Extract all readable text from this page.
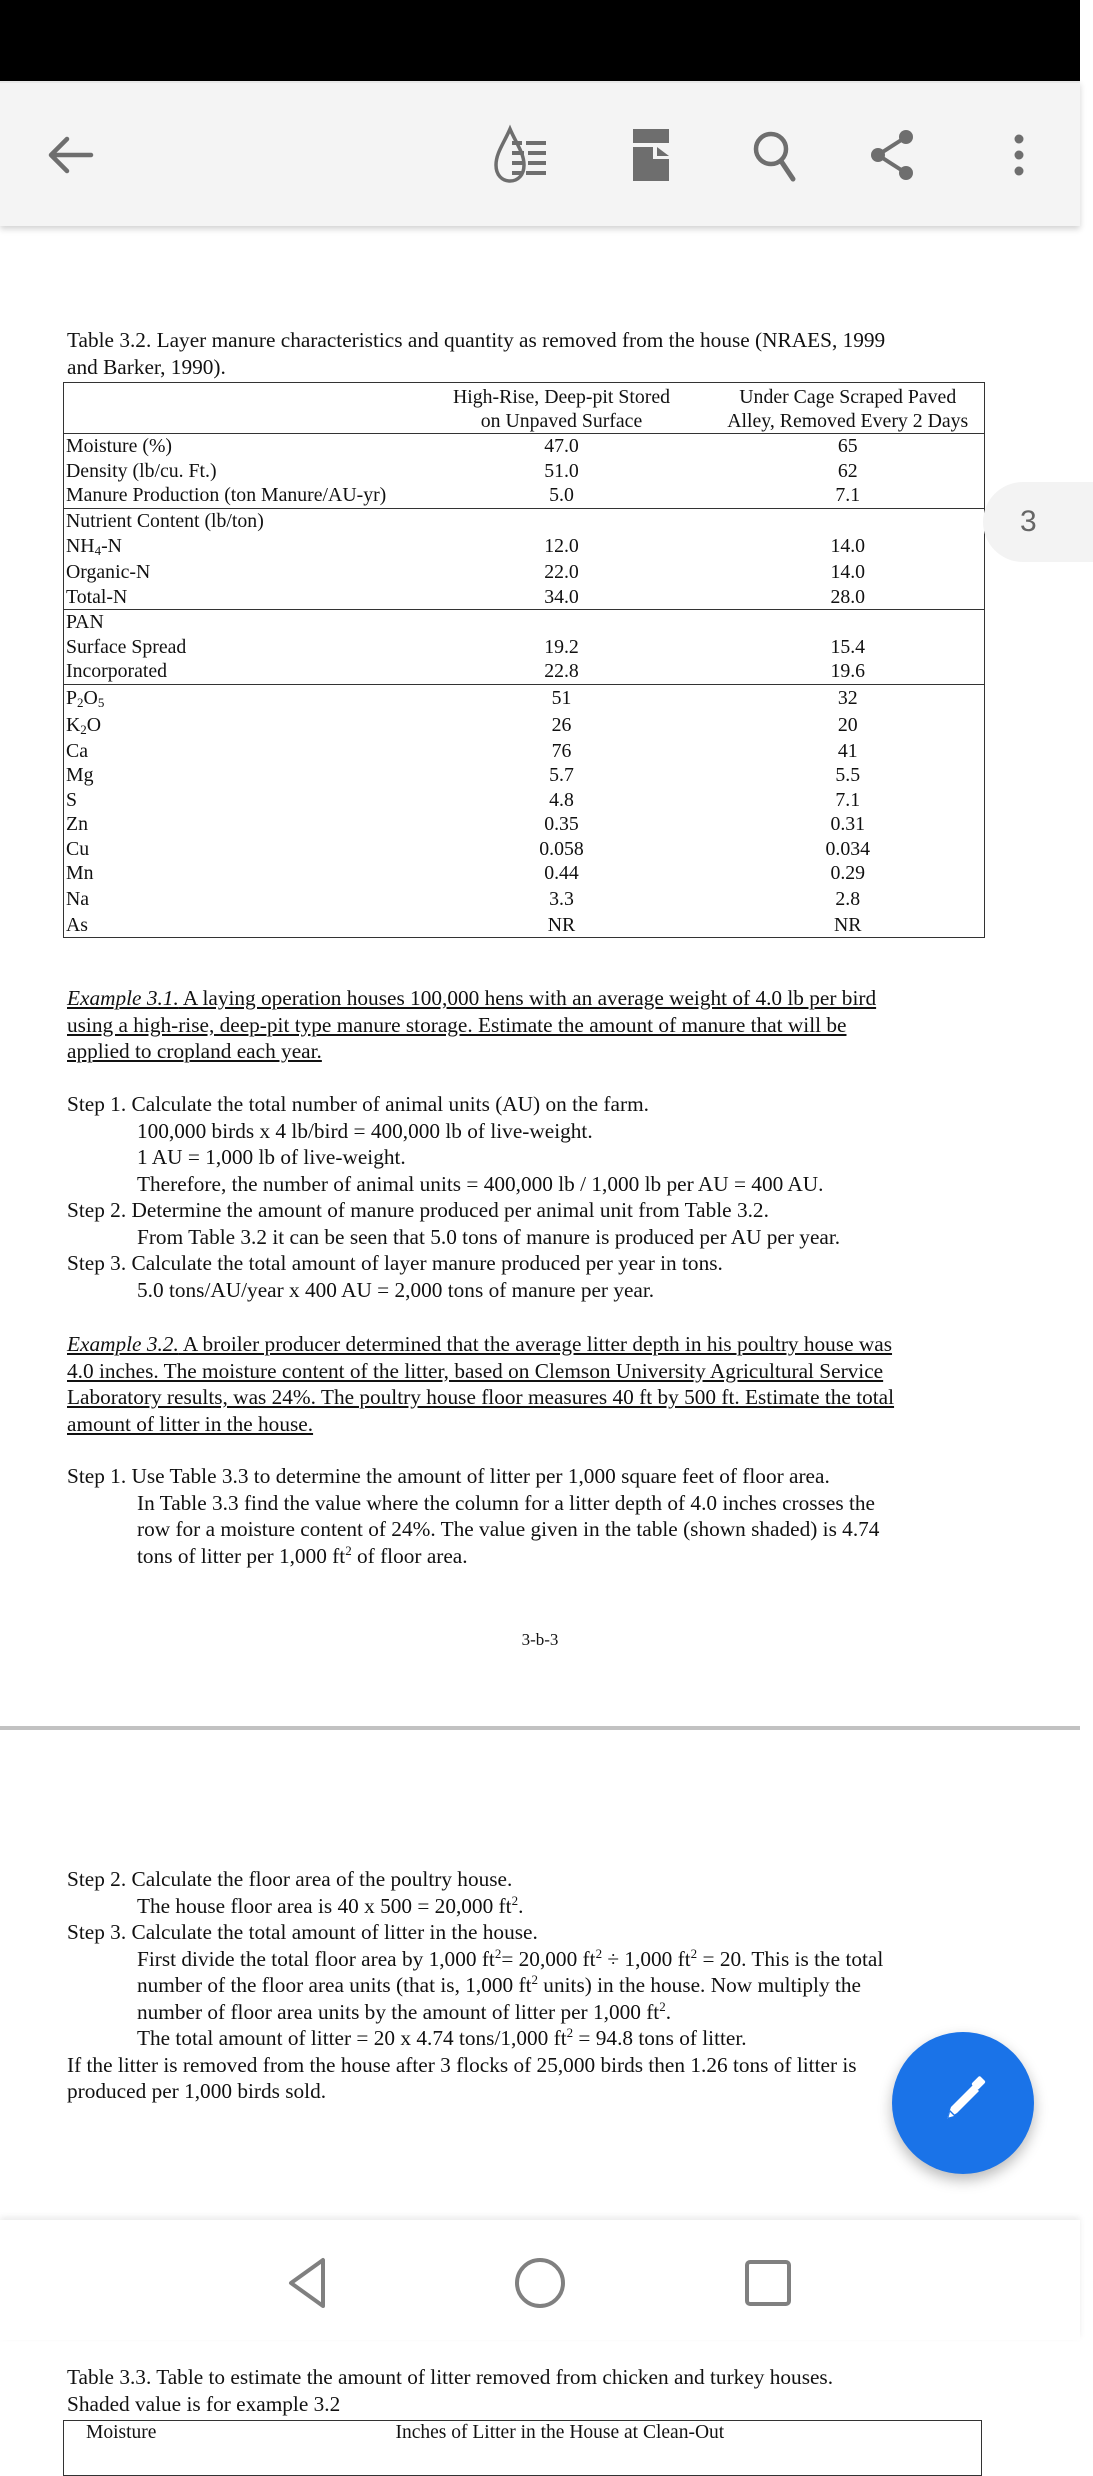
Table 3.2. Layer manure characteristics and quantity as removed from the house (NRAES, 1999
and Barker, 1990).

High-Rise, Deep-pit Stored
on Unpaved Surface

Under Cage Scraped Paved
Alley, Removed Every 2 Days

Moisture (%)	47.0	65
Density (lb/cu. Ft.)	51.0	62
Manure Production (ton Manure/AU-yr)	5.0	7.1
Nutrient Content (lb/ton)		
$NH_4-N$	12.0	14.0
Organic-N	22.0	14.0
Total-N	34.0	28.0
PAN		
Surface Spread	19.2	15.4
Incorporated	22.8	19.6
$P_2O_5$	51	32
$K_2O$	26	20
Ca	76	41
Mg	5.7	5.5
S	4.8	7.1
Zn	0.35	0.31
Cu	0.058	0.034
Mn	0.44	0.29
Na	3.3	2.8
As	NR	NR
Example 3.1. A laying operation houses 100,000 hens with an average weight of 4.0 lb per bird
using a high-rise, deep-pit type manure storage. Estimate the amount of manure that will be
applied to cropland each year.
Step 1. Calculate the total number of animal units (AU) on the farm.
100,000 birds x 4 lb/bird = 400,000 lb of live-weight.
1 AU = 1,000 lb of live-weight.
Therefore, the number of animal units = 400,000 lb / 1,000 lb per AU = 400 AU.
Step 2. Determine the amount of manure produced per animal unit from Table 3.2.
From Table 3.2 it can be seen that 5.0 tons of manure is produced per AU per year.
Step 3. Calculate the total amount of layer manure produced per year in tons.
5.0 tons/AU/year x 400 AU = 2,000 tons of manure per year.
Example 3.2. A broiler producer determined that the average litter depth in his poultry house was
4.0 inches. The moisture content of the litter, based on Clemson University Agricultural Service
Laboratory results, was 24%. The poultry house floor measures 40 ft by 500 ft. Estimate the total
amount of litter in the house.
Step 1. Use Table 3.3 to determine the amount of litter per 1,000 square feet of floor area.
In Table 3.3 find the value where the column for a litter depth of 4.0 inches crosses the
row for a moisture content of 24%. The value given in the table (shown shaded) is 4.74
tons of litter per 1,000 $ft^2$ of floor area.
3-b-3
Step 2. Calculate the floor area of the poultry house.
The house floor area is 40 x 500 = 20,000 $ft^2$.
Step 3. Calculate the total amount of litter in the house.
First divide the total floor area by 1,000 $ft^2= 20,000$ $ft^2 \div 1,000$ $ft^2 = 20$. This is the total
number of the floor area units (that is, 1,000 $ft^2$ units) in the house. Now multiply the
number of floor area units by the amount of litter per 1,000 $ft^2$.
The total amount of litter = 20 x 4.74 tons/1,000 $ft^2 = 94.8$ tons of litter.
If the litter is removed from the house after 3 flocks of 25,000 birds then 1.26 tons of litter is
produced per 1,000 birds sold.
Table 3.3. Table to estimate the amount of litter removed from chicken and turkey houses.
Shaded value is for example 3.2
Moisture	Inches of Litter in the House at Clean-Out

3
